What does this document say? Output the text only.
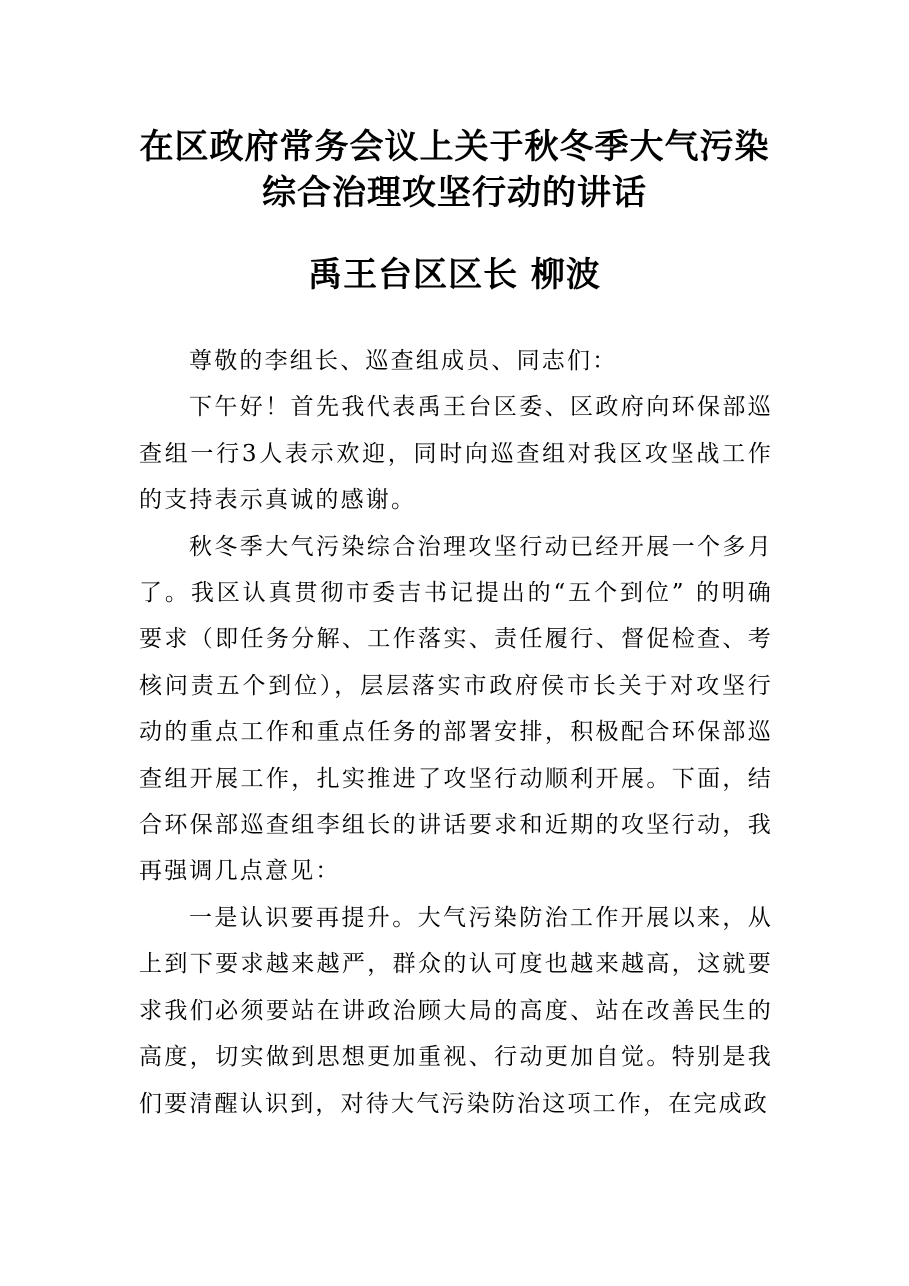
在区政府常务会议上关于秋冬季大气污染
综合治理攻坚行动的讲话
禹王台区区长 柳波

尊敬的李组长、巡查组成员、同志们：

下午好！首先我代表禹王台区委、区政府向环保部巡查组一行3人表示欢迎，同时向巡查组对我区攻坚战工作的支持表示真诚的感谢。

秋冬季大气污染综合治理攻坚行动已经开展一个多月了。我区认真贯彻市委吉书记提出的“五个到位” 的明确要求（即任务分解、工作落实、责任履行、督促检查、考核问责五个到位），层层落实市政府侯市长关于对攻坚行动的重点工作和重点任务的部署安排，积极配合环保部巡查组开展工作，扎实推进了攻坚行动顺利开展。下面，结合环保部巡查组李组长的讲话要求和近期的攻坚行动，我再强调几点意见：

一是认识要再提升。大气污染防治工作开展以来，从上到下要求越来越严，群众的认可度也越来越高，这就要求我们必须要站在讲政治顾大局的高度、站在改善民生的高度，切实做到思想更加重视、行动更加自觉。特别是我们要清醒认识到，对待大气污染防治这项工作，在完成政
